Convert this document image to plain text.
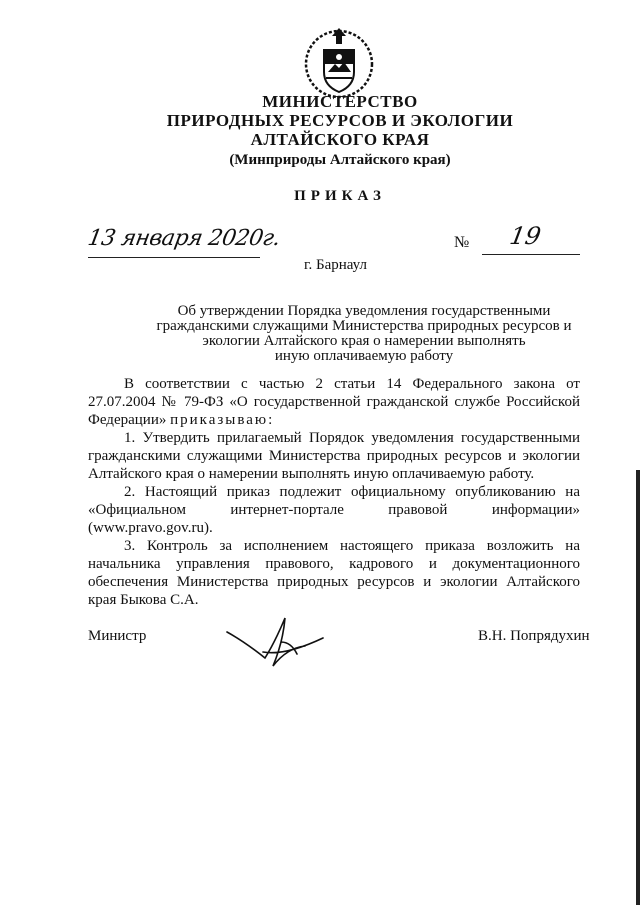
МИНИСТЕРСТВО
ПРИРОДНЫХ РЕСУРСОВ И ЭКОЛОГИИ
АЛТАЙСКОГО КРАЯ
(Минприроды Алтайского края)
ПРИКАЗ
13 января 2020г.	№ 19
г. Барнаул
Об утверждении Порядка уведомления государственными
гражданскими служащими Министерства природных ресурсов и
экологии Алтайского края о намерении выполнять
иную оплачиваемую работу

В соответствии с частью 2 статьи 14 Федерального закона от 27.07.2004 № 79-ФЗ «О государственной гражданской службе Российской Федерации» приказываю:

1. Утвердить прилагаемый Порядок уведомления государственными гражданскими служащими Министерства природных ресурсов и экологии Алтайского края о намерении выполнять иную оплачиваемую работу.

2. Настоящий приказ подлежит официальному опубликованию на «Официальном интернет-портале правовой информации» (www.pravo.gov.ru).

3. Контроль за исполнением настоящего приказа возложить на начальника управления правового, кадрового и документационного обеспечения Министерства природных ресурсов и экологии Алтайского края Быкова С.А.

Министр	В.Н. Попрядухин
